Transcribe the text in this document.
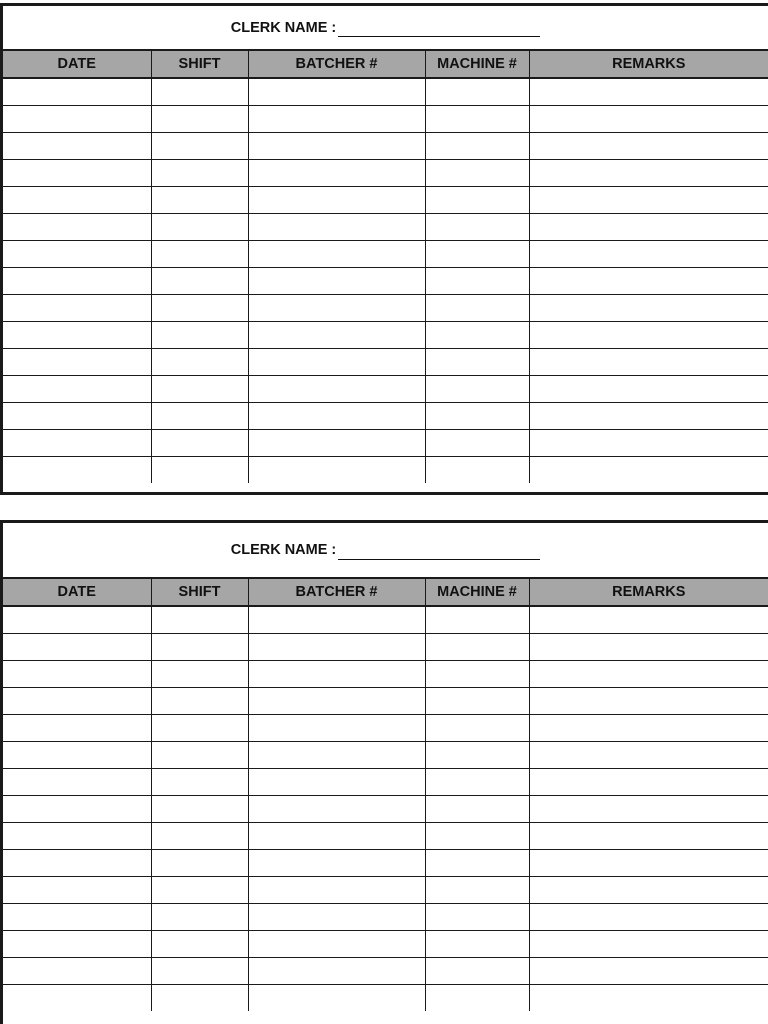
CLERK NAME :
DATE	SHIFT	BATCHER #	MACHINE #	REMARKS

CLERK NAME :
DATE	SHIFT	BATCHER #	MACHINE #	REMARKS
